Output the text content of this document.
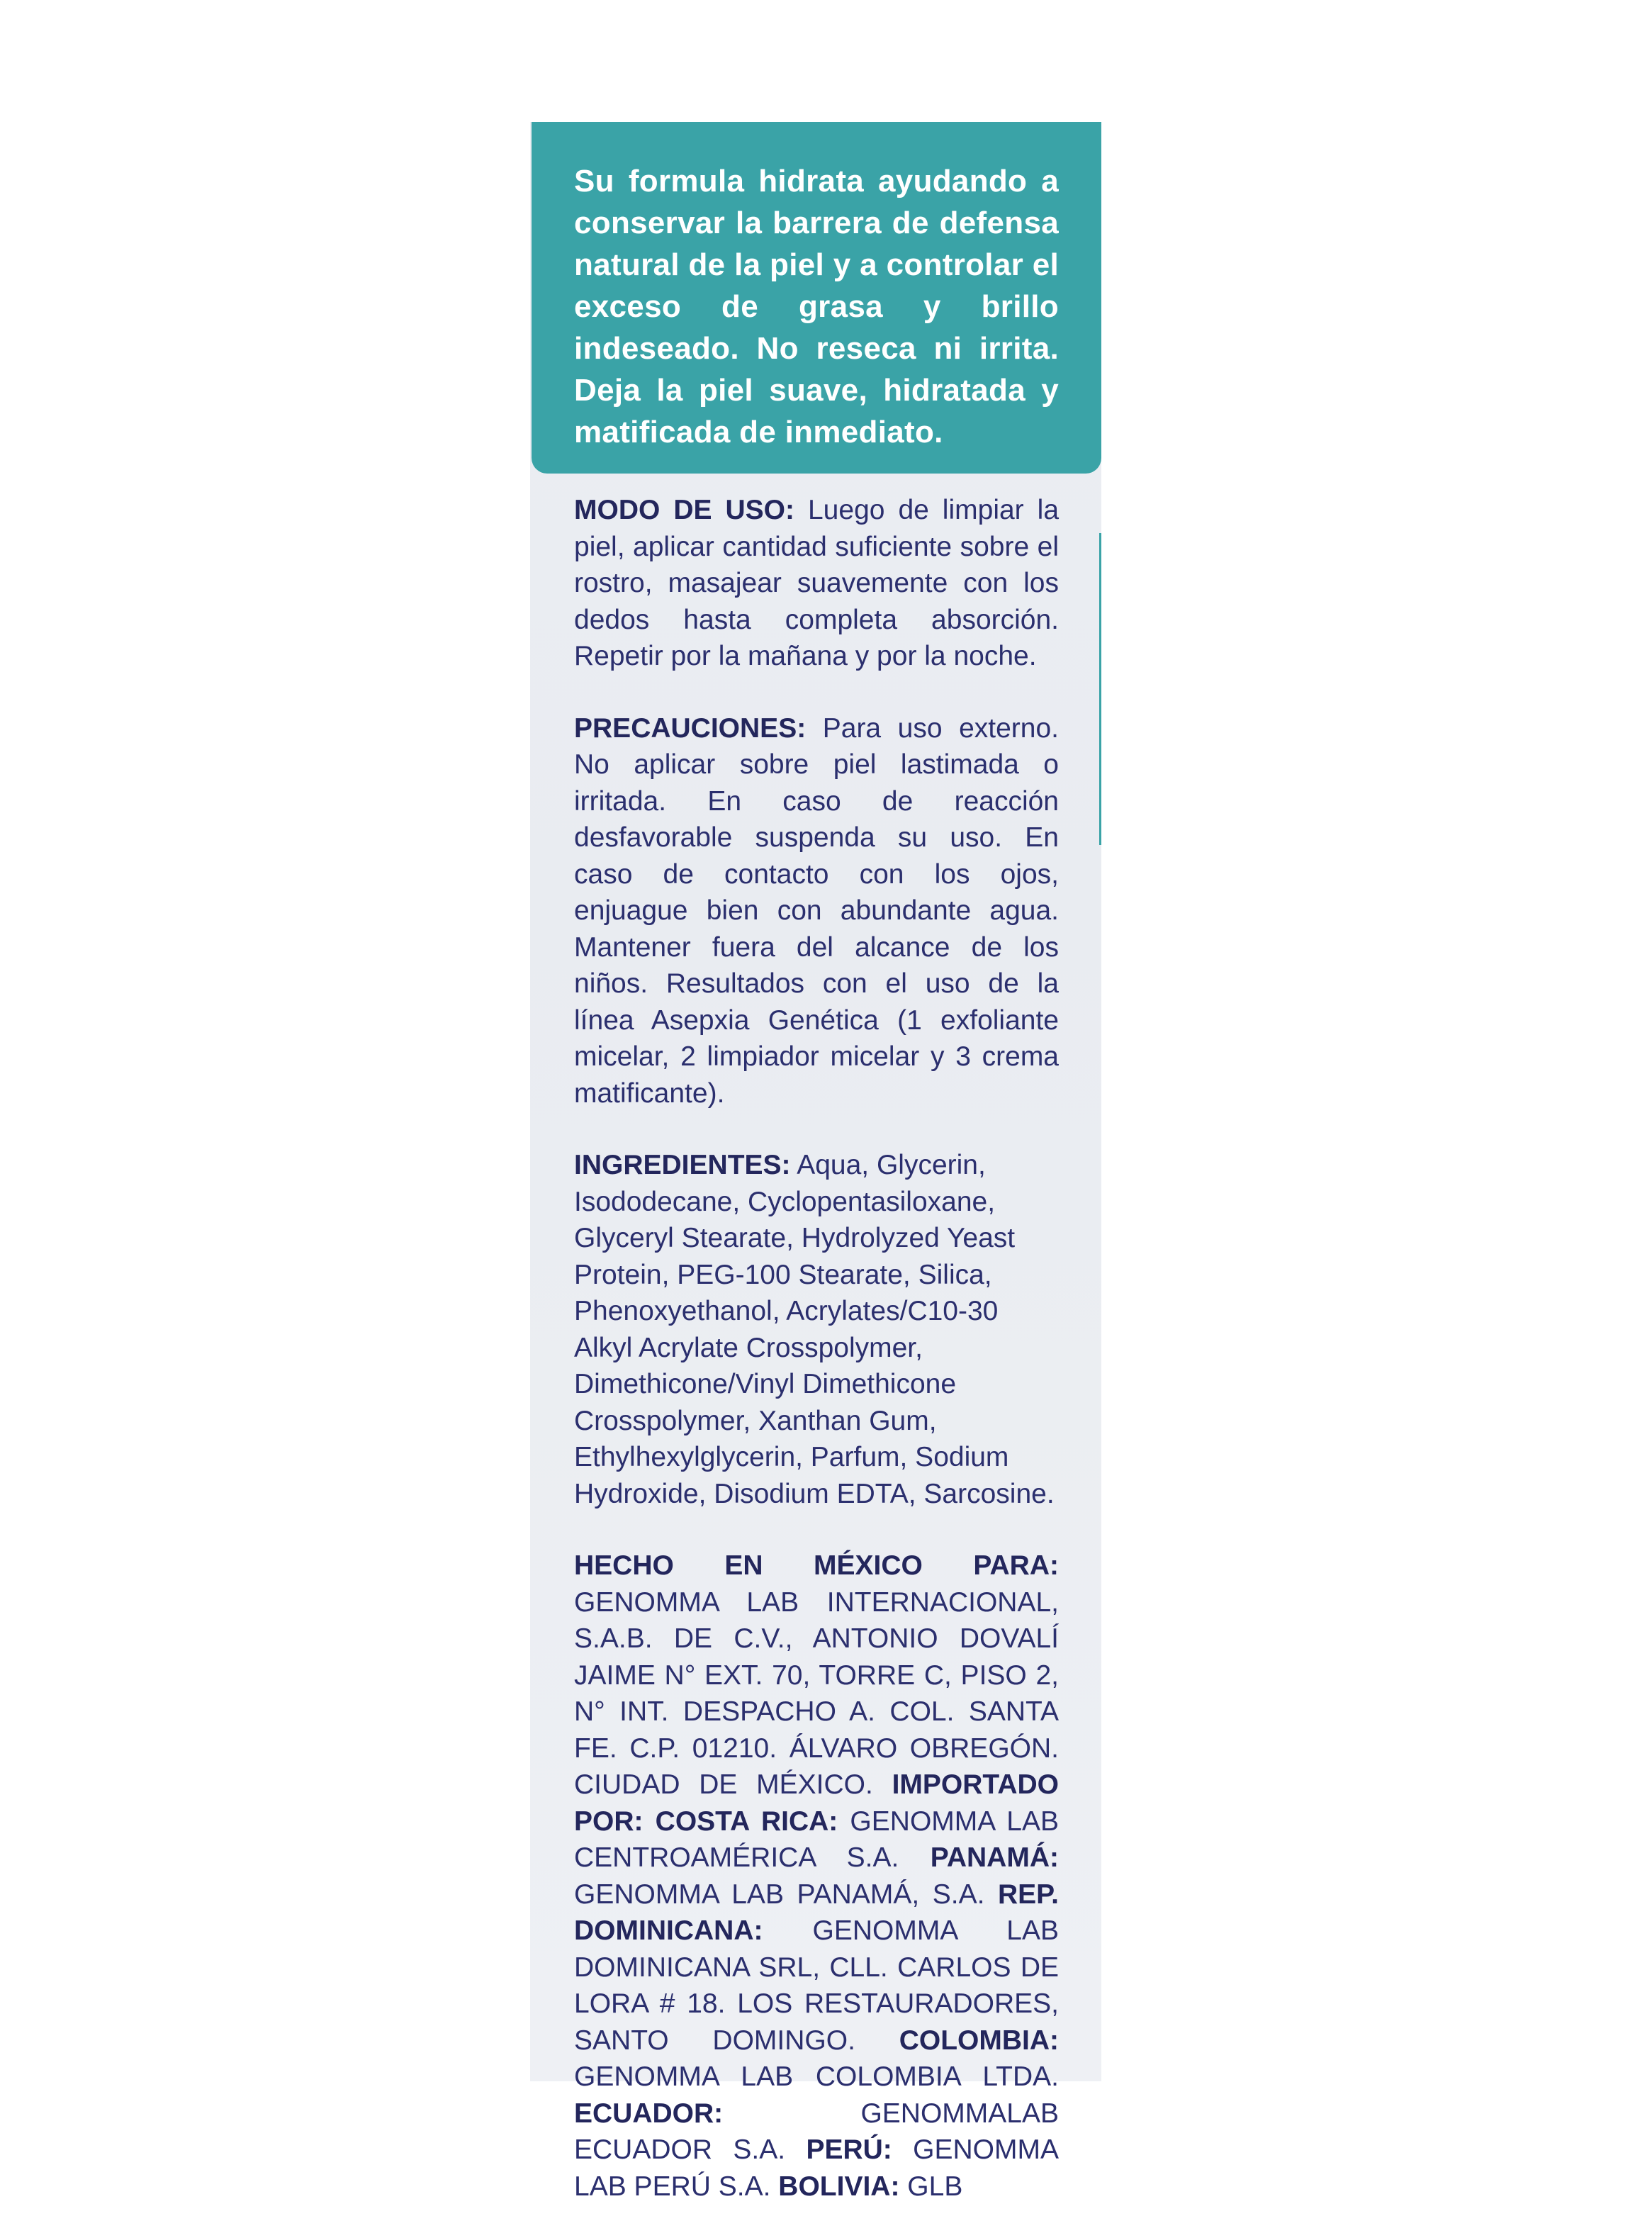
Su formula hidrata ayudando a conservar la barrera de defensa natural de la piel y a controlar el exceso de grasa y brillo indeseado. No reseca ni irrita. Deja la piel suave, hidratada y matificada de inmediato.

MODO DE USO: Luego de limpiar la piel, aplicar cantidad suficiente sobre el rostro, masajear suavemente con los dedos hasta completa absorción. Repetir por la mañana y por la noche.

PRECAUCIONES: Para uso externo. No aplicar sobre piel lastimada o irritada. En caso de reacción desfavorable suspenda su uso. En caso de contacto con los ojos, enjuague bien con abundante agua. Mantener fuera del alcance de los niños. Resultados con el uso de la línea Asepxia Genética (1 exfoliante micelar, 2 limpiador micelar y 3 crema matificante).

INGREDIENTES: Aqua, Glycerin, Isododecane, Cyclopentasiloxane, Glyceryl Stearate, Hydrolyzed Yeast Protein, PEG-100 Stearate, Silica, Phenoxyethanol, Acrylates/C10-30 Alkyl Acrylate Crosspolymer, Dimethicone/Vinyl Dimethicone Crosspolymer, Xanthan Gum, Ethylhexylglycerin, Parfum, Sodium Hydroxide, Disodium EDTA, Sarcosine.

HECHO EN MÉXICO PARA: GENOMMA LAB INTERNACIONAL, S.A.B. DE C.V., ANTONIO DOVALÍ JAIME N° EXT. 70, TORRE C, PISO 2, N° INT. DESPACHO A. COL. SANTA FE. C.P. 01210. ÁLVARO OBREGÓN. CIUDAD DE MÉXICO. IMPORTADO POR: COSTA RICA: GENOMMA LAB CENTROAMÉRICA S.A. PANAMÁ: GENOMMA LAB PANAMÁ, S.A. REP. DOMINICANA: GENOMMA LAB DOMINICANA SRL, CLL. CARLOS DE LORA # 18. LOS RESTAURADORES, SANTO DOMINGO. COLOMBIA: GENOMMA LAB COLOMBIA LTDA. ECUADOR: GENOMMALAB ECUADOR S.A. PERÚ: GENOMMA LAB PERÚ S.A. BOLIVIA: GLB
